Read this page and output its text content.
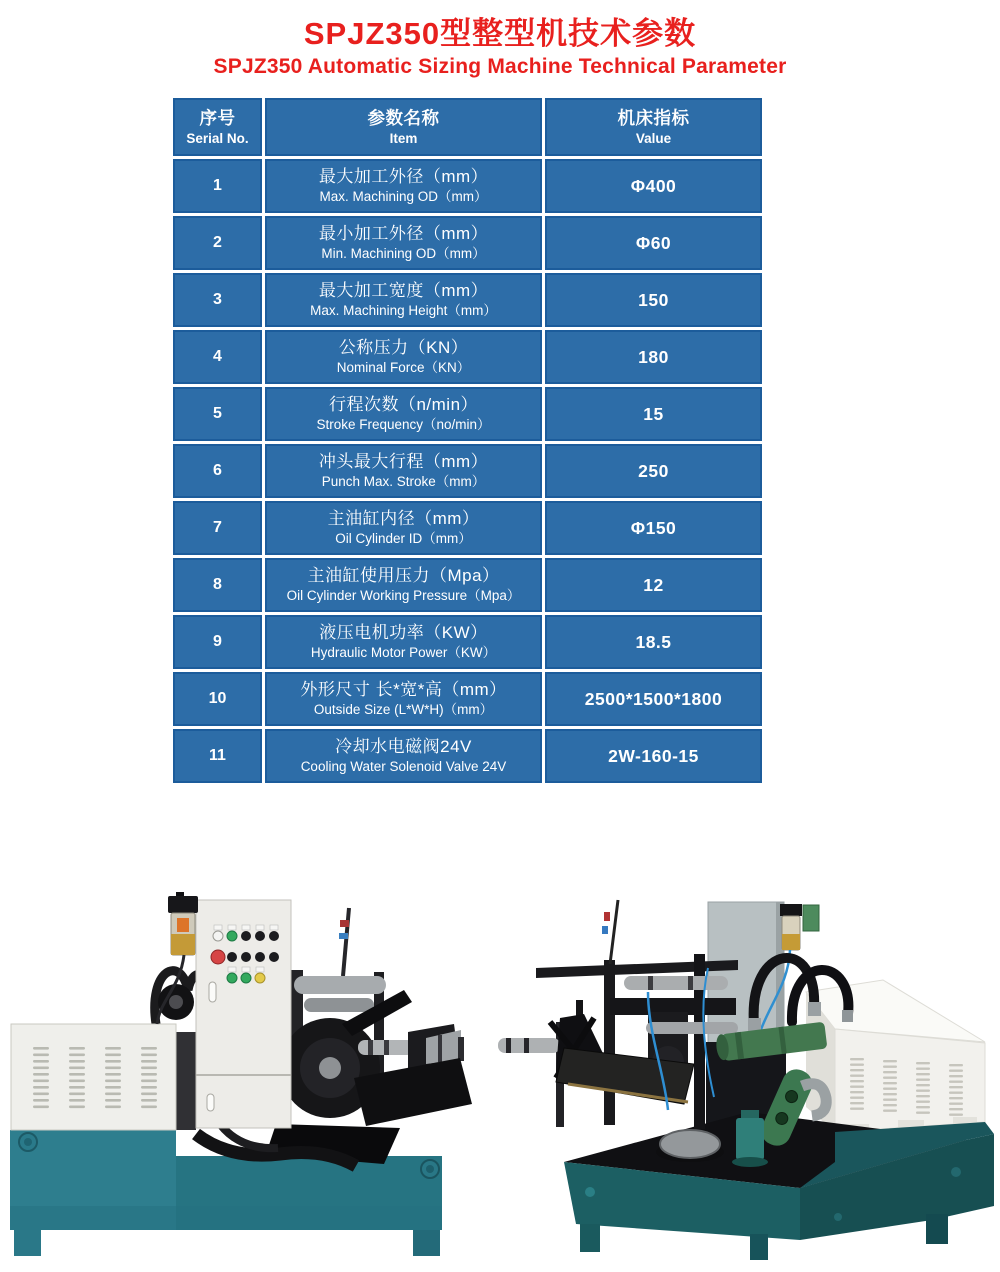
SPJZ350型整型机技术参数
SPJZ350 Automatic Sizing Machine Technical Parameter
序号
Serial No.
参数名称
Item
机床指标
Value
1	最大加工外径（mm）
Max. Machining OD（mm）
Φ400
2	最小加工外径（mm）
Min. Machining OD（mm）
Φ60
3	最大加工宽度（mm）
Max. Machining Height（mm）
150
4	公称压力（KN）
Nominal Force（KN）
180
5	行程次数（n/min）
Stroke Frequency（no/min）
15
6	冲头最大行程（mm）
Punch Max. Stroke（mm）
250
7	主油缸内径（mm）
Oil Cylinder ID（mm）
Φ150
8	主油缸使用压力（Mpa）
Oil Cylinder Working Pressure（Mpa）
12
9	液压电机功率（KW）
Hydraulic Motor Power（KW）
18.5
10	外形尺寸 长*宽*高（mm）
Outside Size (L*W*H)（mm）
2500*1500*1800
11	冷却水电磁阀24V
Cooling Water Solenoid Valve 24V
2W-160-15
